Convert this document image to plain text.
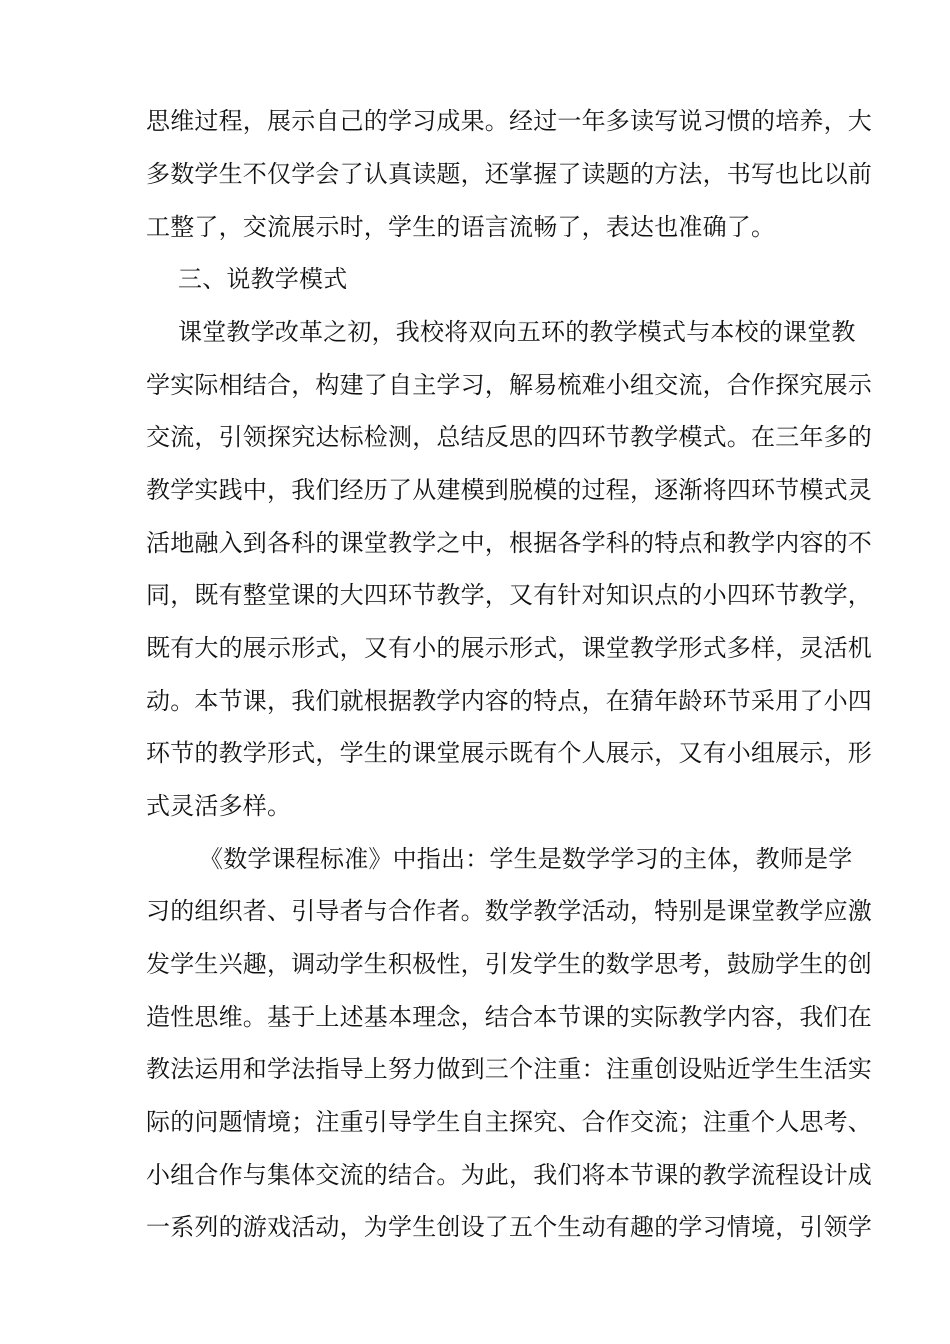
思维过程，展示自己的学习成果。经过一年多读写说习惯的培养，大
多数学生不仅学会了认真读题，还掌握了读题的方法，书写也比以前
工整了，交流展示时，学生的语言流畅了，表达也准确了。
三、说教学模式
课堂教学改革之初，我校将双向五环的教学模式与本校的课堂教
学实际相结合，构建了自主学习，解易梳难小组交流，合作探究展示
交流，引领探究达标检测，总结反思的四环节教学模式。在三年多的
教学实践中，我们经历了从建模到脱模的过程，逐渐将四环节模式灵
活地融入到各科的课堂教学之中，根据各学科的特点和教学内容的不
同，既有整堂课的大四环节教学，又有针对知识点的小四环节教学，
既有大的展示形式，又有小的展示形式，课堂教学形式多样，灵活机
动。本节课，我们就根据教学内容的特点，在猜年龄环节采用了小四
环节的教学形式，学生的课堂展示既有个人展示，又有小组展示，形
式灵活多样。
《数学课程标准》中指出：学生是数学学习的主体，教师是学
习的组织者、引导者与合作者。数学教学活动，特别是课堂教学应激
发学生兴趣，调动学生积极性，引发学生的数学思考，鼓励学生的创
造性思维。基于上述基本理念，结合本节课的实际教学内容，我们在
教法运用和学法指导上努力做到三个注重：注重创设贴近学生生活实
际的问题情境；注重引导学生自主探究、合作交流；注重个人思考、
小组合作与集体交流的结合。为此，我们将本节课的教学流程设计成
一系列的游戏活动，为学生创设了五个生动有趣的学习情境，引领学
